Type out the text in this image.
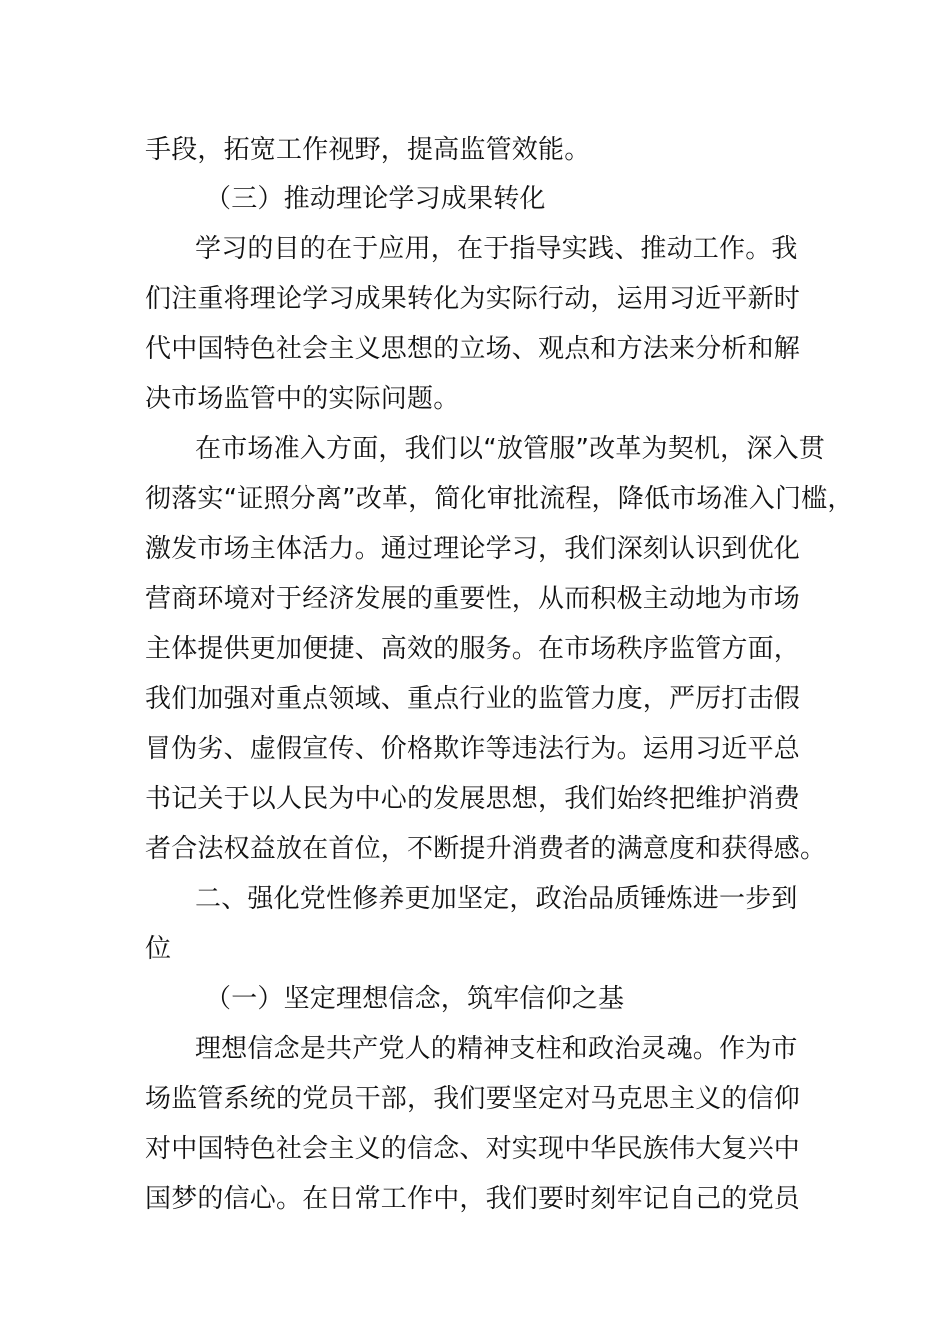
手段，拓宽工作视野，提高监管效能。
（三）推动理论学习成果转化
学习的目的在于应用，在于指导实践、推动工作。我
们注重将理论学习成果转化为实际行动，运用习近平新时
代中国特色社会主义思想的立场、观点和方法来分析和解
决市场监管中的实际问题。
在市场准入方面，我们以“放管服”改革为契机，深入贯
彻落实“证照分离”改革，简化审批流程，降低市场准入门槛，
激发市场主体活力。通过理论学习，我们深刻认识到优化
营商环境对于经济发展的重要性，从而积极主动地为市场
主体提供更加便捷、高效的服务。在市场秩序监管方面，
我们加强对重点领域、重点行业的监管力度，严厉打击假
冒伪劣、虚假宣传、价格欺诈等违法行为。运用习近平总
书记关于以人民为中心的发展思想，我们始终把维护消费
者合法权益放在首位，不断提升消费者的满意度和获得感。
二、强化党性修养更加坚定，政治品质锤炼进一步到
位
（一）坚定理想信念，筑牢信仰之基
理想信念是共产党人的精神支柱和政治灵魂。作为市
场监管系统的党员干部，我们要坚定对马克思主义的信仰
对中国特色社会主义的信念、对实现中华民族伟大复兴中
国梦的信心。在日常工作中，我们要时刻牢记自己的党员
